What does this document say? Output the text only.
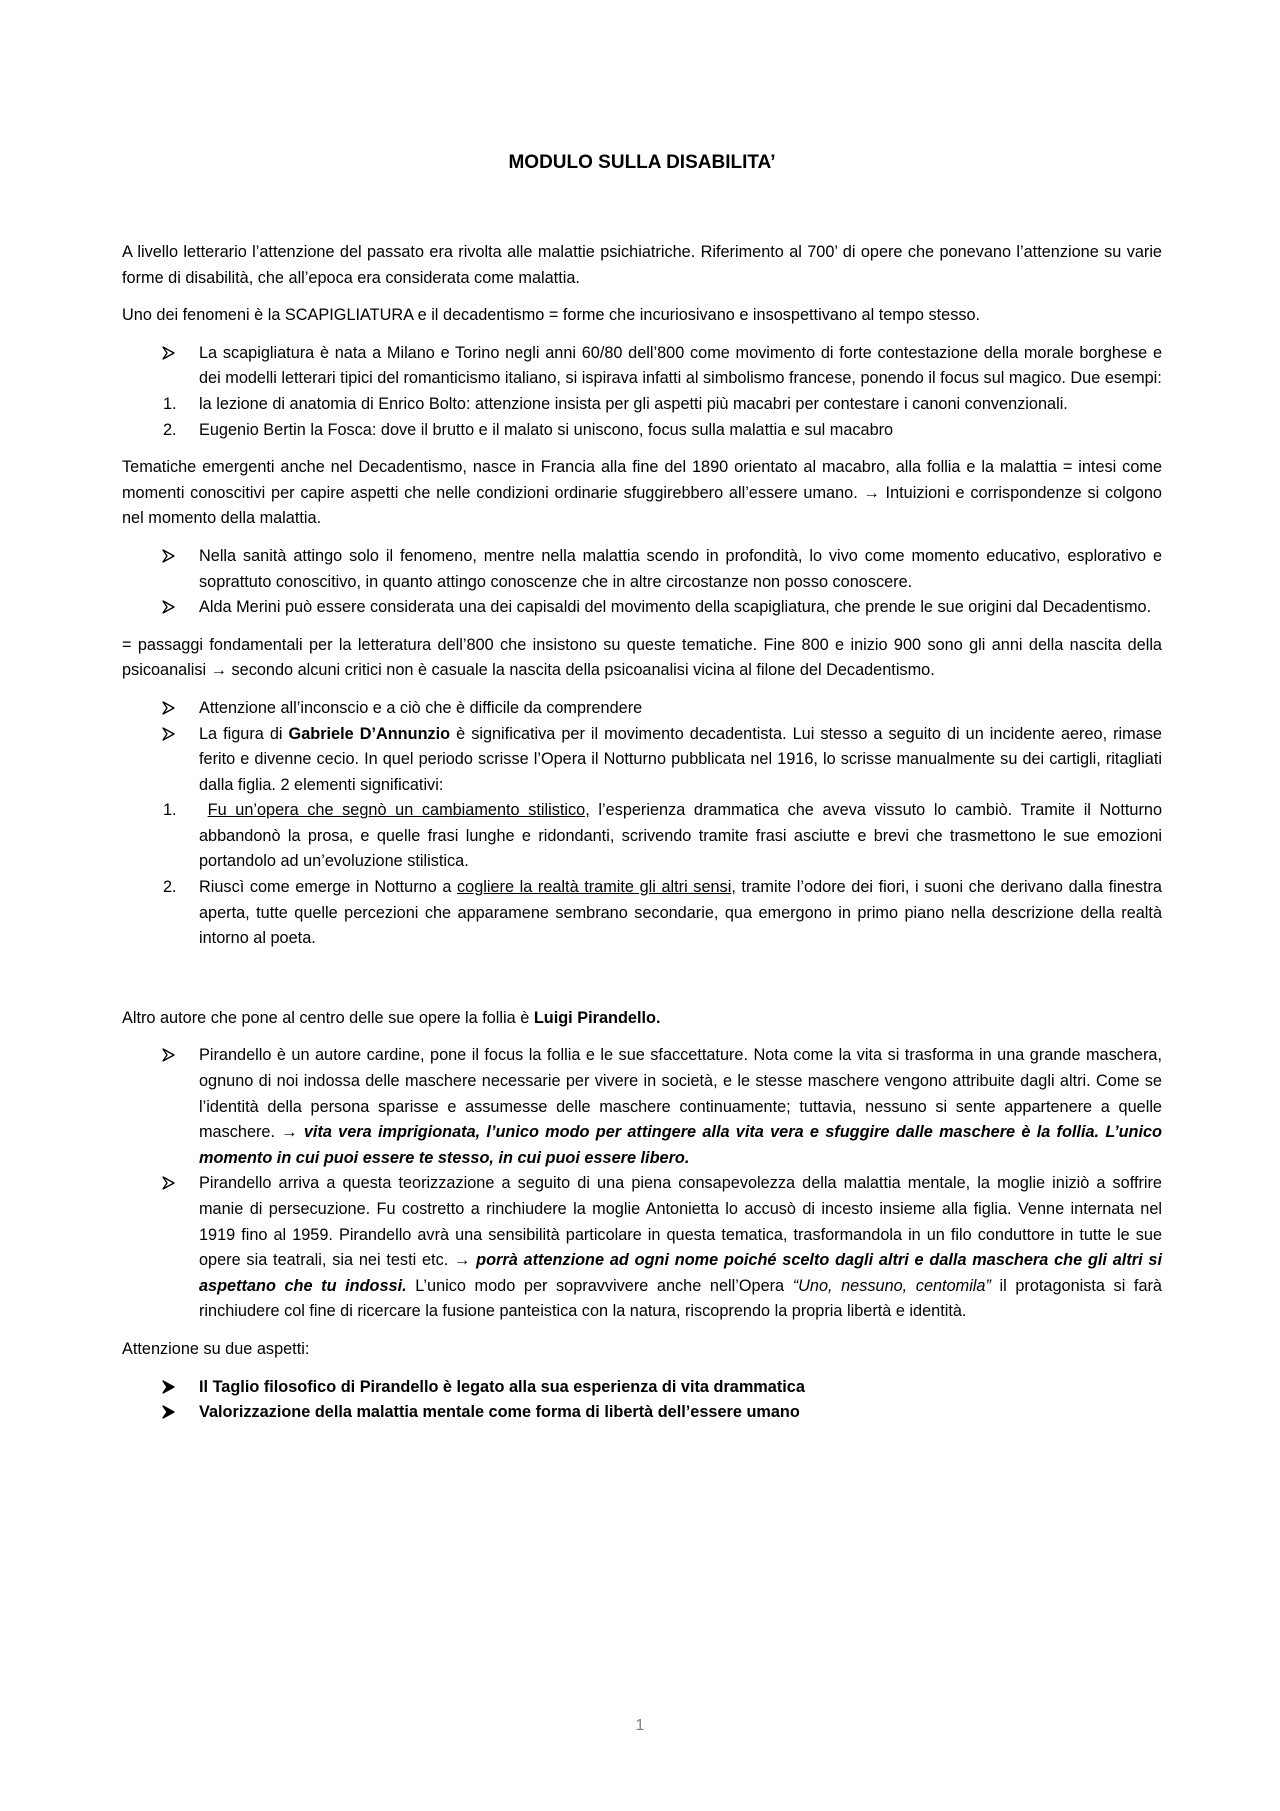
MODULO SULLA DISABILITA’

A livello letterario l’attenzione del passato era rivolta alle malattie psichiatriche. Riferimento al 700’ di opere che ponevano l’attenzione su varie forme di disabilità, che all’epoca era considerata come malattia.

Uno dei fenomeni è la SCAPIGLIATURA e il decadentismo = forme che incuriosivano e insospettivano al tempo stesso.

La scapigliatura è nata a Milano e Torino negli anni 60/80 dell’800 come movimento di forte contestazione della morale borghese e dei modelli letterari tipici del romanticismo italiano, si ispirava infatti al simbolismo francese, ponendo il focus sul magico. Due esempi:
1.	la lezione di anatomia di Enrico Bolto: attenzione insista per gli aspetti più macabri per contestare i canoni convenzionali.
2.	Eugenio Bertin la Fosca: dove il brutto e il malato si uniscono, focus sulla malattia e sul macabro

Tematiche emergenti anche nel Decadentismo, nasce in Francia alla fine del 1890 orientato al macabro, alla follia e la malattia = intesi come momenti conoscitivi per capire aspetti che nelle condizioni ordinarie sfuggirebbero all’essere umano. → Intuizioni e corrispondenze si colgono nel momento della malattia.

Nella sanità attingo solo il fenomeno, mentre nella malattia scendo in profondità, lo vivo come momento educativo, esplorativo e soprattuto conoscitivo, in quanto attingo conoscenze che in altre circostanze non posso conoscere.
Alda Merini può essere considerata una dei capisaldi del movimento della scapigliatura, che prende le sue origini dal Decadentismo.

= passaggi fondamentali per la letteratura dell’800 che insistono su queste tematiche. Fine 800 e inizio 900 sono gli anni della nascita della psicoanalisi → secondo alcuni critici non è casuale la nascita della psicoanalisi vicina al filone del Decadentismo.

Attenzione all’inconscio e a ciò che è difficile da comprendere
La figura di Gabriele D’Annunzio è significativa per il movimento decadentista. Lui stesso a seguito di un incidente aereo, rimase ferito e divenne cecio. In quel periodo scrisse l’Opera il Notturno pubblicata nel 1916, lo scrisse manualmente su dei cartigli, ritagliati dalla figlia. 2 elementi significativi:
1.	Fu un’opera che segnò un cambiamento stilistico, l’esperienza drammatica che aveva vissuto lo cambiò. Tramite il Notturno abbandonò la prosa, e quelle frasi lunghe e ridondanti, scrivendo tramite frasi asciutte e brevi che trasmettono le sue emozioni portandolo ad un’evoluzione stilistica.
2.	Riuscì come emerge in Notturno a cogliere la realtà tramite gli altri sensi, tramite l’odore dei fiori, i suoni che derivano dalla finestra aperta, tutte quelle percezioni che apparamene sembrano secondarie, qua emergono in primo piano nella descrizione della realtà intorno al poeta.

Altro autore che pone al centro delle sue opere la follia è Luigi Pirandello.

Pirandello è un autore cardine, pone il focus la follia e le sue sfaccettature. Nota come la vita si trasforma in una grande maschera, ognuno di noi indossa delle maschere necessarie per vivere in società, e le stesse maschere vengono attribuite dagli altri. Come se l’identità della persona sparisse e assumesse delle maschere continuamente; tuttavia, nessuno si sente appartenere a quelle maschere. → vita vera imprigionata, l’unico modo per attingere alla vita vera e sfuggire dalle maschere è la follia. L’unico momento in cui puoi essere te stesso, in cui puoi essere libero.
Pirandello arriva a questa teorizzazione a seguito di una piena consapevolezza della malattia mentale, la moglie iniziò a soffrire manie di persecuzione. Fu costretto a rinchiudere la moglie Antonietta lo accusò di incesto insieme alla figlia. Venne internata nel 1919 fino al 1959. Pirandello avrà una sensibilità particolare in questa tematica, trasformandola in un filo conduttore in tutte le sue opere sia teatrali, sia nei testi etc. → porrà attenzione ad ogni nome poiché scelto dagli altri e dalla maschera che gli altri si aspettano che tu indossi. L’unico modo per sopravvivere anche nell’Opera “Uno, nessuno, centomila” il protagonista si farà rinchiudere col fine di ricercare la fusione panteistica con la natura, riscoprendo la propria libertà e identità.

Attenzione su due aspetti:

Il Taglio filosofico di Pirandello è legato alla sua esperienza di vita drammatica
Valorizzazione della malattia mentale come forma di libertà dell’essere umano
1
